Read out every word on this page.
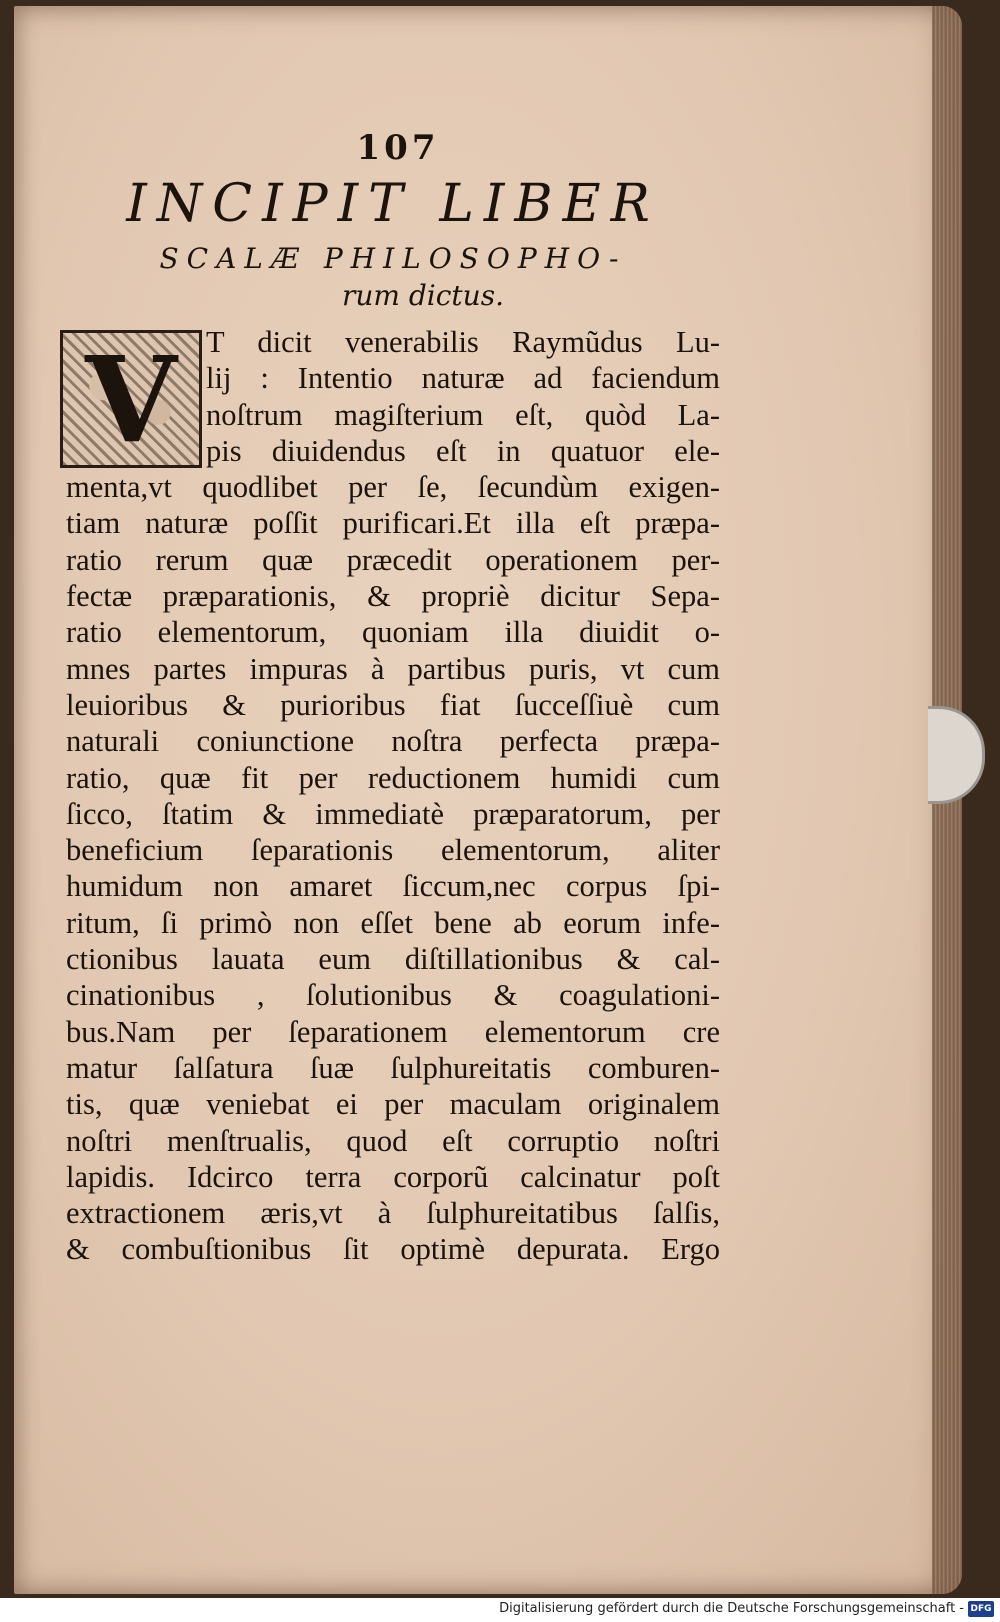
107
INCIPIT LIBER
SCALÆ PHILOSOPHO-
rum dictus.
V T dicit venerabilis Raymũdus Lu-
lij : Intentio naturæ ad faciendum
noſtrum magiſterium eſt, quòd La-
pis diuidendus eſt in quatuor ele-
menta,vt quodlibet per ſe, ſecundùm exigen-
tiam naturæ poſſit purificari.Et illa eſt præpa-
ratio rerum quæ præcedit operationem per-
fectæ præparationis, & propriè dicitur Sepa-
ratio elementorum, quoniam illa diuidit o-
mnes partes impuras à partibus puris, vt cum
leuioribus & purioribus fiat ſucceſſiuè cum
naturali coniunctione noſtra perfecta præpa-
ratio, quæ fit per reductionem humidi cum
ſicco, ſtatim & immediatè præparatorum, per
beneficium ſeparationis elementorum, aliter
humidum non amaret ſiccum,nec corpus ſpi-
ritum, ſi primò non eſſet bene ab eorum infe-
ctionibus lauata eum diſtillationibus & cal-
cinationibus , ſolutionibus & coagulationi-
bus.Nam per ſeparationem elementorum cre
matur ſalſatura ſuæ ſulphureitatis comburen-
tis, quæ veniebat ei per maculam originalem
noſtri menſtrualis, quod eſt corruptio noſtri
lapidis. Idcirco terra corporũ calcinatur poſt
extractionem æris,vt à ſulphureitatibus ſalſis,
& combuſtionibus ſit optimè depurata. Ergo
Digitalisierung gefördert durch die Deutsche Forschungsgemeinschaft - DFG
